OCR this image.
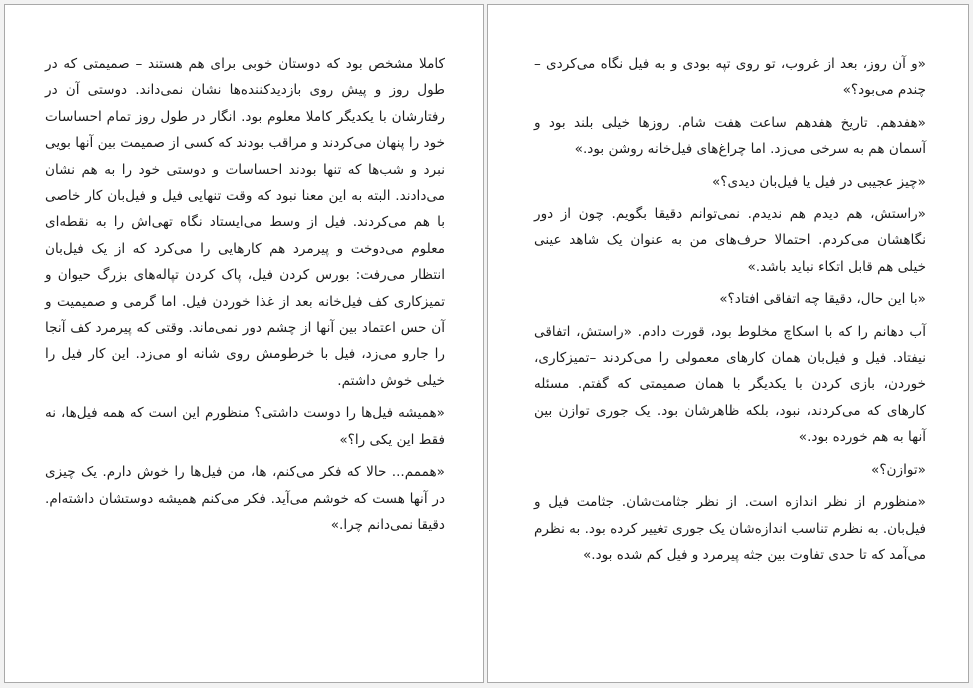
کاملا مشخص بود که دوستان خوبی برای هم هستند – صمیمتی که در طول روز و پیش روی بازدیدکننده‌ها نشان نمی‌داند. دوستی آن در رفتارشان با یکدیگر کاملا معلوم بود. انگار در طول روز تمام احساسات خود را پنهان می‌کردند و مراقب بودند که کسی از صمیمت بین آنها بویی نبرد و شب‌ها که تنها بودند احساسات و دوستی خود را به هم نشان می‌دادند. البته به این معنا نبود که وقت تنهایی فیل و فیل‌بان کار خاصی با هم می‌کردند. فیل از وسط می‌ایستاد نگاه تهی‌اش را به نقطه‌ای معلوم می‌دوخت و پیرمرد هم کارهایی را می‌کرد که از یک فیل‌بان انتظار می‌رفت: بورس کردن فیل، پاک کردن تپاله‌های بزرگ حیوان و تمیزکاری کف فیل‌خانه بعد از غذا خوردن فیل. اما گرمی و صمیمیت و آن حس اعتماد بین آنها از چشم دور نمی‌ماند. وقتی که پیرمرد کف آنجا را جارو می‌زد، فیل با خرطومش روی شانه او می‌زد. این کار فیل را خیلی خوش داشتم.

«همیشه فیل‌ها را دوست داشتی؟ منظورم این است که همه فیل‌ها، نه فقط این یکی را؟»

«هممم... حالا که فکر می‌کنم، ها، من فیل‌ها را خوش دارم. یک چیزی در آنها هست که خوشم می‌آید. فکر می‌کنم همیشه دوستشان داشته‌ام. دقیقا نمی‌دانم چرا.»

«و آن روز، بعد از غروب، تو روی تپه بودی و به فیل نگاه می‌کردی – چندم می‌بود؟»

«هفدهم. تاریخ هفدهم ساعت هفت شام. روزها خیلی بلند بود و آسمان هم به سرخی می‌زد. اما چراغ‌های فیل‌خانه روشن بود.»

«چیز عجیبی در فیل یا فیل‌بان دیدی؟»

«راستش، هم دیدم هم ندیدم. نمی‌توانم دقیقا بگویم. چون از دور نگاهشان می‌کردم. احتمالا حرف‌های من به عنوان یک شاهد عینی خیلی هم قابل اتکاء نباید باشد.»

«با این حال، دقیقا چه اتفاقی افتاد؟»

آب دهانم را که با اسکاچ مخلوط بود، قورت دادم. «راستش، اتفاقی نیفتاد. فیل و فیل‌بان همان کارهای معمولی را می‌کردند –تمیزکاری، خوردن، بازی کردن با یکدیگر با همان صمیمتی که گفتم. مسئله کارهای که می‌کردند، نبود، بلکه ظاهرشان بود. یک جوری توازن بین آنها به هم خورده بود.»

«توازن؟»

«منظورم از نظر اندازه است. از نظر جثامت‌شان. جثامت فیل و فیل‌بان. به نظرم تناسب اندازه‌شان یک جوری تغییر کرده بود. به نظرم می‌آمد که تا حدی تفاوت بین جثه پیرمرد و فیل کم شده بود.»
